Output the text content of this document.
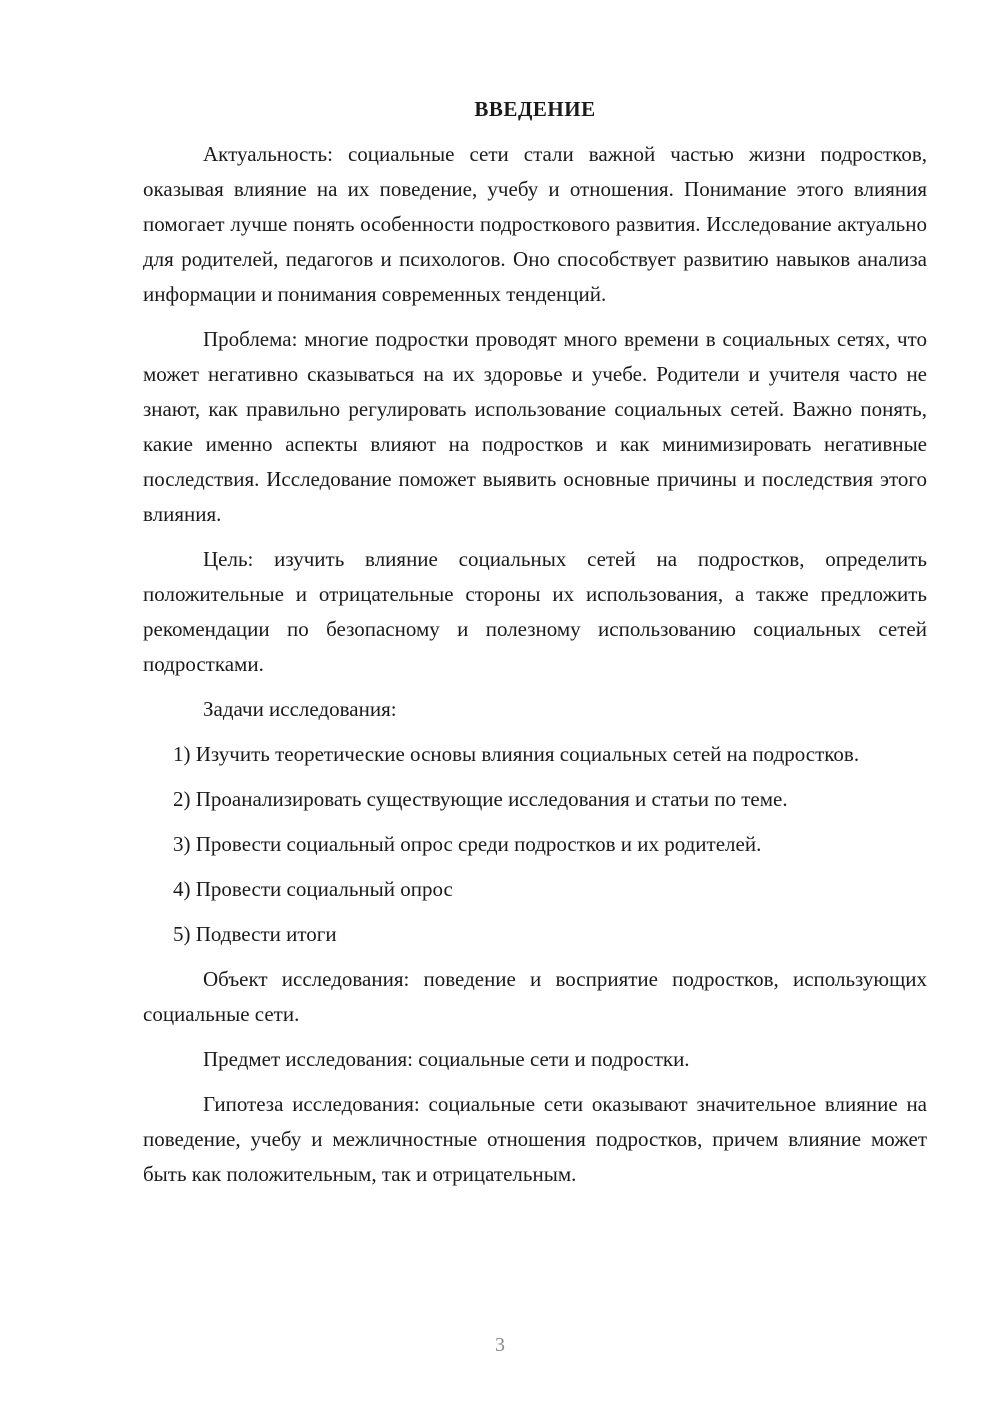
ВВЕДЕНИЕ
Актуальность: социальные сети стали важной частью жизни подростков, оказывая влияние на их поведение, учебу и отношения. Понимание этого влияния помогает лучше понять особенности подросткового развития. Исследование актуально для родителей, педагогов и психологов. Оно способствует развитию навыков анализа информации и понимания современных тенденций.
Проблема: многие подростки проводят много времени в социальных сетях, что может негативно сказываться на их здоровье и учебе. Родители и учителя часто не знают, как правильно регулировать использование социальных сетей. Важно понять, какие именно аспекты влияют на подростков и как минимизировать негативные последствия. Исследование поможет выявить основные причины и последствия этого влияния.
Цель: изучить влияние социальных сетей на подростков, определить положительные и отрицательные стороны их использования, а также предложить рекомендации по безопасному и полезному использованию социальных сетей подростками.
Задачи исследования:
1) Изучить теоретические основы влияния социальных сетей на подростков.
2) Проанализировать существующие исследования и статьи по теме.
3) Провести социальный опрос среди подростков и их родителей.
4) Провести социальный опрос
5) Подвести итоги
Объект исследования: поведение и восприятие подростков, использующих социальные сети.
Предмет исследования: социальные сети и подростки.
Гипотеза исследования: социальные сети оказывают значительное влияние на поведение, учебу и межличностные отношения подростков, причем влияние может быть как положительным, так и отрицательным.
3
